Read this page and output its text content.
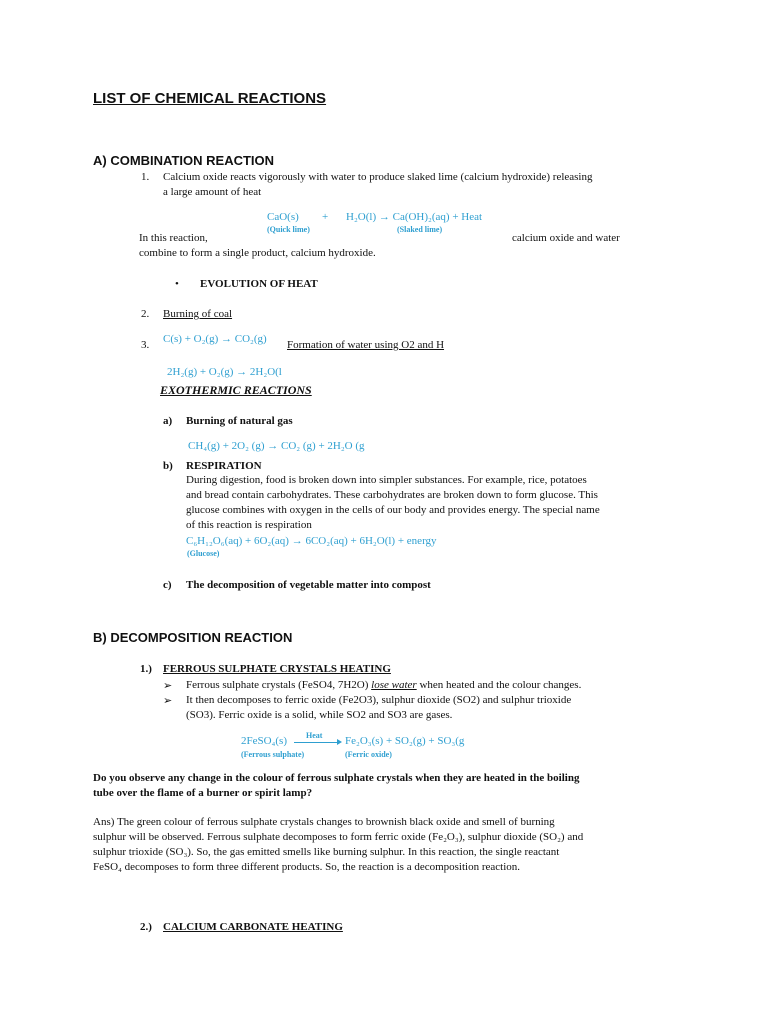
LIST OF CHEMICAL REACTIONS
A) COMBINATION REACTION
1. Calcium oxide reacts vigorously with water to produce slaked lime (calcium hydroxide) releasing
a large amount of heat
CaO(s) + H₂O(l) → Ca(OH)₂(aq) + Heat
(Quick lime)	(Slaked lime)
In this reaction,	calcium oxide and water
combine to form a single product, calcium hydroxide.
• EVOLUTION OF HEAT
2. Burning of coal
3. C(s) + O₂(g) → CO₂(g) Formation of water using O2 and H
2H₂(g) + O₂(g) → 2H₂O(l
EXOTHERMIC REACTIONS
a) Burning of natural gas
CH₄(g) + 2O₂ (g) → CO₂ (g) + 2H₂O (g
b) RESPIRATION
During digestion, food is broken down into simpler substances. For example, rice, potatoes
and bread contain carbohydrates. These carbohydrates are broken down to form glucose. This
glucose combines with oxygen in the cells of our body and provides energy. The special name
of this reaction is respiration
C₆H₁₂O₆(aq) + 6O₂(aq) → 6CO₂(aq) + 6H₂O(l) + energy
(Glucose)
c) The decomposition of vegetable matter into compost
B) DECOMPOSITION REACTION
1.) FERROUS SULPHATE CRYSTALS HEATING
➢ Ferrous sulphate crystals (FeSO4, 7H2O) lose water when heated and the colour changes.
➢ It then decomposes to ferric oxide (Fe2O3), sulphur dioxide (SO2) and sulphur trioxide
(SO3). Ferric oxide is a solid, while SO2 and SO3 are gases.
2FeSO₄(s) Heat Fe₂O₃(s) + SO₂(g) + SO₃(g
(Ferrous sulphate)	(Ferric oxide)
Do you observe any change in the colour of ferrous sulphate crystals when they are heated in the boiling
tube over the flame of a burner or spirit lamp?
Ans) The green colour of ferrous sulphate crystals changes to brownish black oxide and smell of burning
sulphur will be observed. Ferrous sulphate decomposes to form ferric oxide (Fe₂O₃), sulphur dioxide (SO₂) and
sulphur trioxide (SO₃). So, the gas emitted smells like burning sulphur. In this reaction, the single reactant
FeSO₄ decomposes to form three different products. So, the reaction is a decomposition reaction.
2.) CALCIUM CARBONATE HEATING
